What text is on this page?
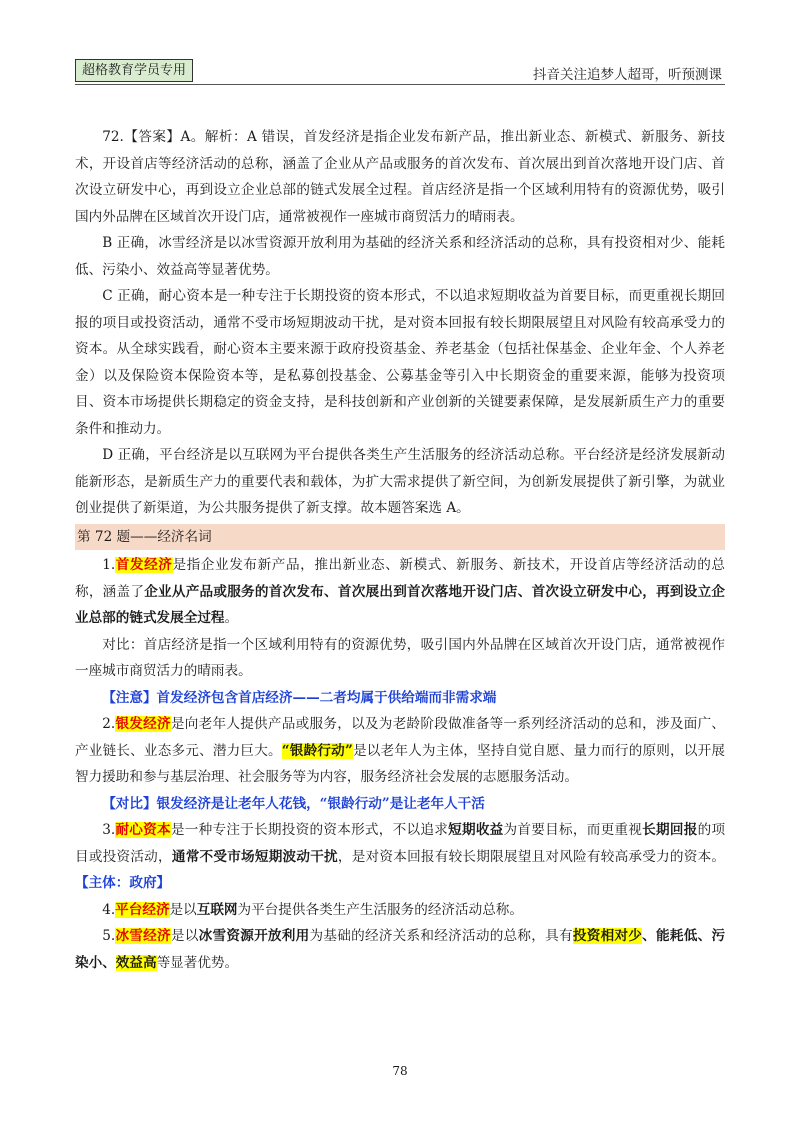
超格教育学员专用	抖音关注追梦人超哥，听预测课

72.【答案】A。解析：A 错误，首发经济是指企业发布新产品，推出新业态、新模式、新服务、新技术，开设首店等经济活动的总称，涵盖了企业从产品或服务的首次发布、首次展出到首次落地开设门店、首次设立研发中心，再到设立企业总部的链式发展全过程。首店经济是指一个区域利用特有的资源优势，吸引国内外品牌在区域首次开设门店，通常被视作一座城市商贸活力的晴雨表。

B 正确，冰雪经济是以冰雪资源开放利用为基础的经济关系和经济活动的总称，具有投资相对少、能耗低、污染小、效益高等显著优势。

C 正确，耐心资本是一种专注于长期投资的资本形式，不以追求短期收益为首要目标，而更重视长期回报的项目或投资活动，通常不受市场短期波动干扰，是对资本回报有较长期限展望且对风险有较高承受力的资本。从全球实践看，耐心资本主要来源于政府投资基金、养老基金（包括社保基金、企业年金、个人养老金）以及保险资本保险资本等，是私募创投基金、公募基金等引入中长期资金的重要来源，能够为投资项目、资本市场提供长期稳定的资金支持，是科技创新和产业创新的关键要素保障，是发展新质生产力的重要条件和推动力。

D 正确，平台经济是以互联网为平台提供各类生产生活服务的经济活动总称。平台经济是经济发展新动能新形态，是新质生产力的重要代表和载体，为扩大需求提供了新空间，为创新发展提供了新引擎，为就业创业提供了新渠道，为公共服务提供了新支撑。故本题答案选 A。

第 72 题——经济名词

1.首发经济是指企业发布新产品，推出新业态、新模式、新服务、新技术，开设首店等经济活动的总称，涵盖了企业从产品或服务的首次发布、首次展出到首次落地开设门店、首次设立研发中心，再到设立企业总部的链式发展全过程。

对比：首店经济是指一个区域利用特有的资源优势，吸引国内外品牌在区域首次开设门店，通常被视作一座城市商贸活力的晴雨表。

【注意】首发经济包含首店经济——二者均属于供给端而非需求端

2.银发经济是向老年人提供产品或服务，以及为老龄阶段做准备等一系列经济活动的总和，涉及面广、产业链长、业态多元、潜力巨大。“银龄行动”是以老年人为主体，坚持自觉自愿、量力而行的原则，以开展智力援助和参与基层治理、社会服务等为内容，服务经济社会发展的志愿服务活动。

【对比】银发经济是让老年人花钱，“银龄行动”是让老年人干活

3.耐心资本是一种专注于长期投资的资本形式，不以追求短期收益为首要目标，而更重视长期回报的项目或投资活动，通常不受市场短期波动干扰，是对资本回报有较长期限展望且对风险有较高承受力的资本。【主体：政府】

4.平台经济是以互联网为平台提供各类生产生活服务的经济活动总称。

5.冰雪经济是以冰雪资源开放利用为基础的经济关系和经济活动的总称，具有投资相对少、能耗低、污染小、效益高等显著优势。

78
